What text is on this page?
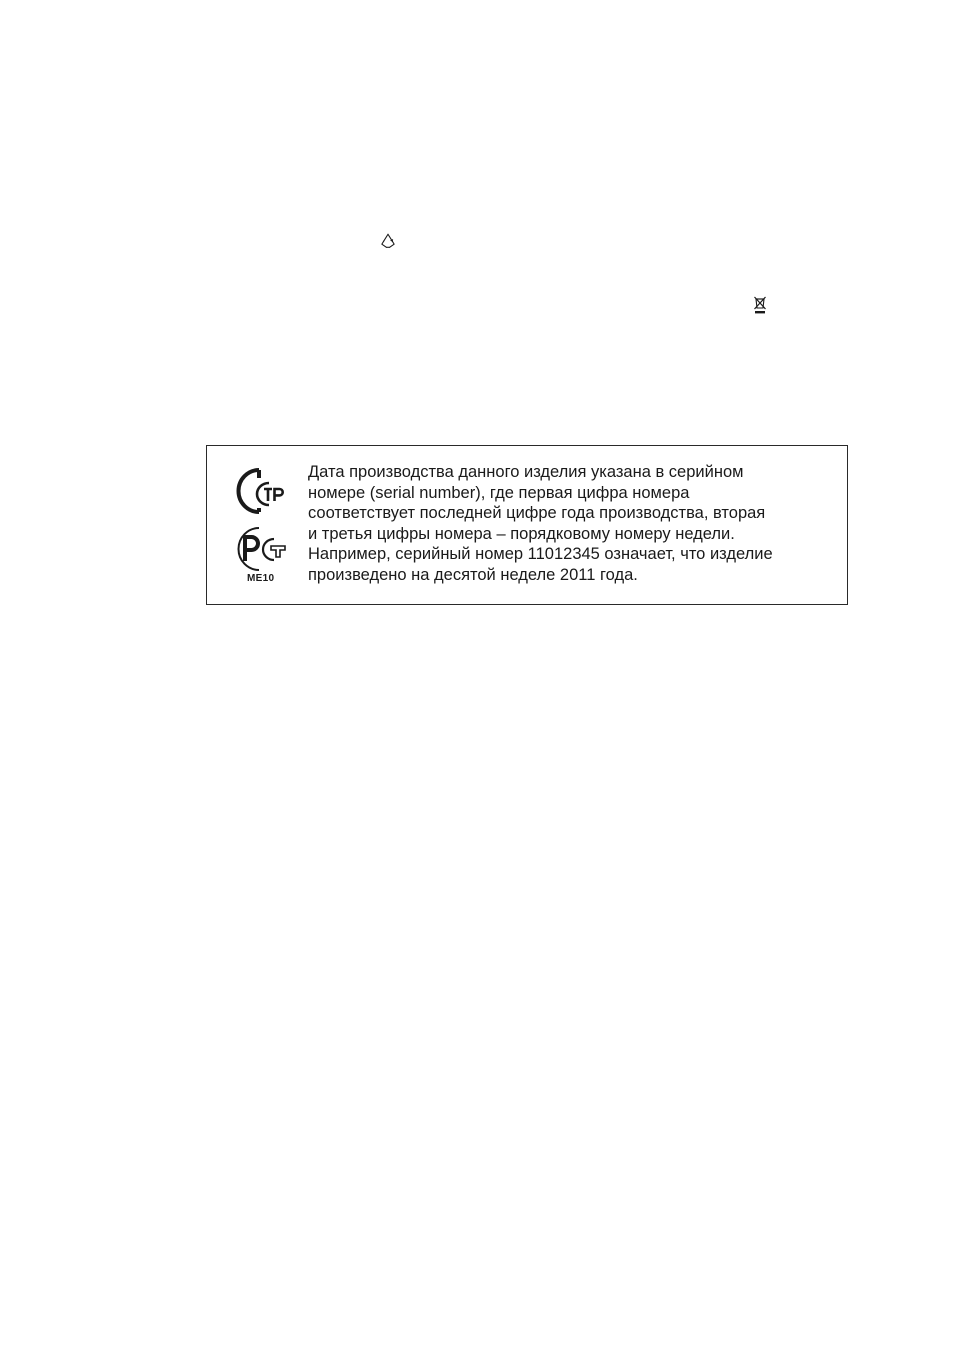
ME10

Дата производства данного изделия указана в серийном
номере (serial number), где первая цифра номера
соответствует последней цифре года производства, вторая
и третья цифры номера – порядковому номеру недели.
Например, серийный номер 11012345 означает, что изделие
произведено на десятой неделе 2011 года.
